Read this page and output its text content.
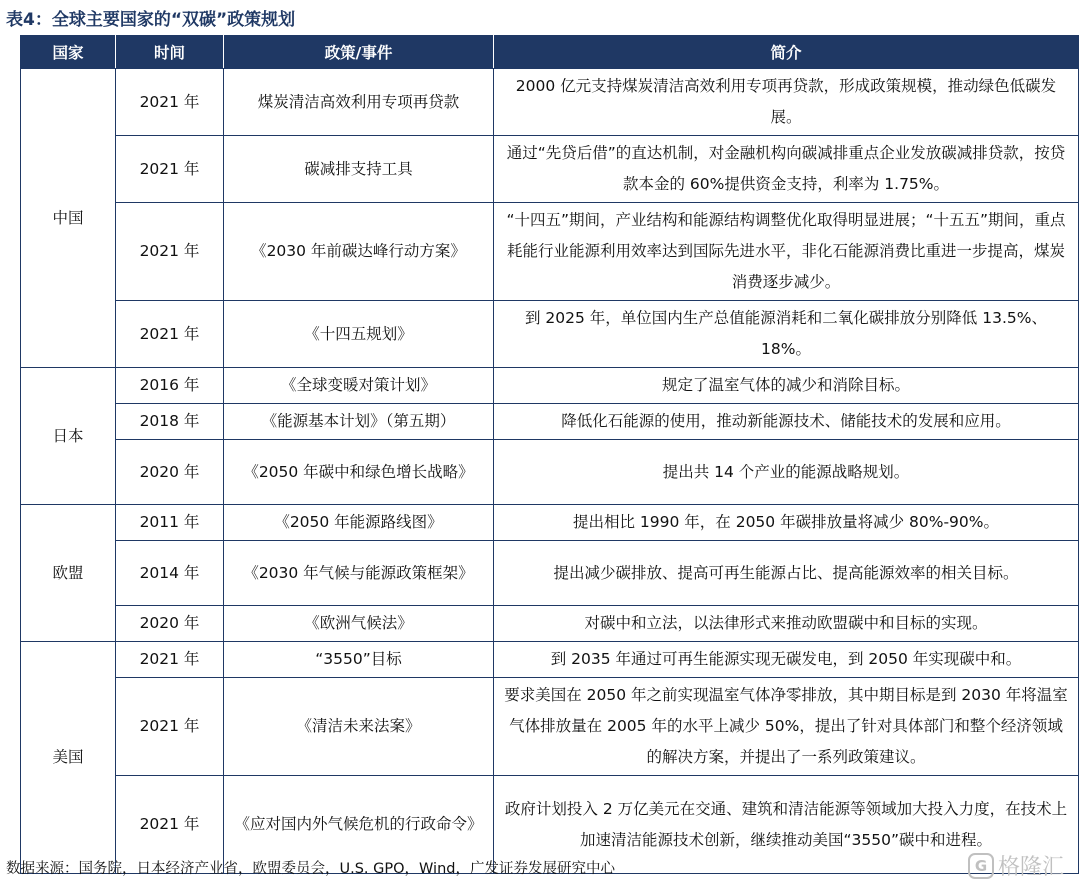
表4：全球主要国家的“双碳”政策规划
国家	时间	政策/事件	简介
中国	2021 年	煤炭清洁高效利用专项再贷款	2000 亿元支持煤炭清洁高效利用专项再贷款，形成政策规模，推动绿色低碳发展。
	2021 年	碳减排支持工具	通过“先贷后借”的直达机制，对金融机构向碳减排重点企业发放碳减排贷款，按贷款本金的 60%提供资金支持，利率为 1.75%。
	2021 年	《2030 年前碳达峰行动方案》	“十四五”期间，产业结构和能源结构调整优化取得明显进展；“十五五”期间，重点耗能行业能源利用效率达到国际先进水平，非化石能源消费比重进一步提高，煤炭消费逐步减少。
	2021 年	《十四五规划》	到 2025 年，单位国内生产总值能源消耗和二氧化碳排放分别降低 13.5%、18%。
日本	2016 年	《全球变暖对策计划》	规定了温室气体的减少和消除目标。
	2018 年	《能源基本计划》（第五期）	降低化石能源的使用，推动新能源技术、储能技术的发展和应用。
	2020 年	《2050 年碳中和绿色增长战略》	提出共 14 个产业的能源战略规划。
欧盟	2011 年	《2050 年能源路线图》	提出相比 1990 年，在 2050 年碳排放量将减少 80%-90%。
	2014 年	《2030 年气候与能源政策框架》	提出减少碳排放、提高可再生能源占比、提高能源效率的相关目标。
	2020 年	《欧洲气候法》	对碳中和立法，以法律形式来推动欧盟碳中和目标的实现。
美国	2021 年	“3550”目标	到 2035 年通过可再生能源实现无碳发电，到 2050 年实现碳中和。
	2021 年	《清洁未来法案》	要求美国在 2050 年之前实现温室气体净零排放，其中期目标是到 2030 年将温室气体排放量在 2005 年的水平上减少 50%，提出了针对具体部门和整个经济领域的解决方案，并提出了一系列政策建议。
	2021 年	《应对国内外气候危机的行政命令》	政府计划投入 2 万亿美元在交通、建筑和清洁能源等领域加大投入力度，在技术上加速清洁能源技术创新，继续推动美国“3550”碳中和进程。
数据来源：国务院，日本经济产业省，欧盟委员会，U.S. GPO，Wind，广发证券发展研究中心	G 格隆汇
